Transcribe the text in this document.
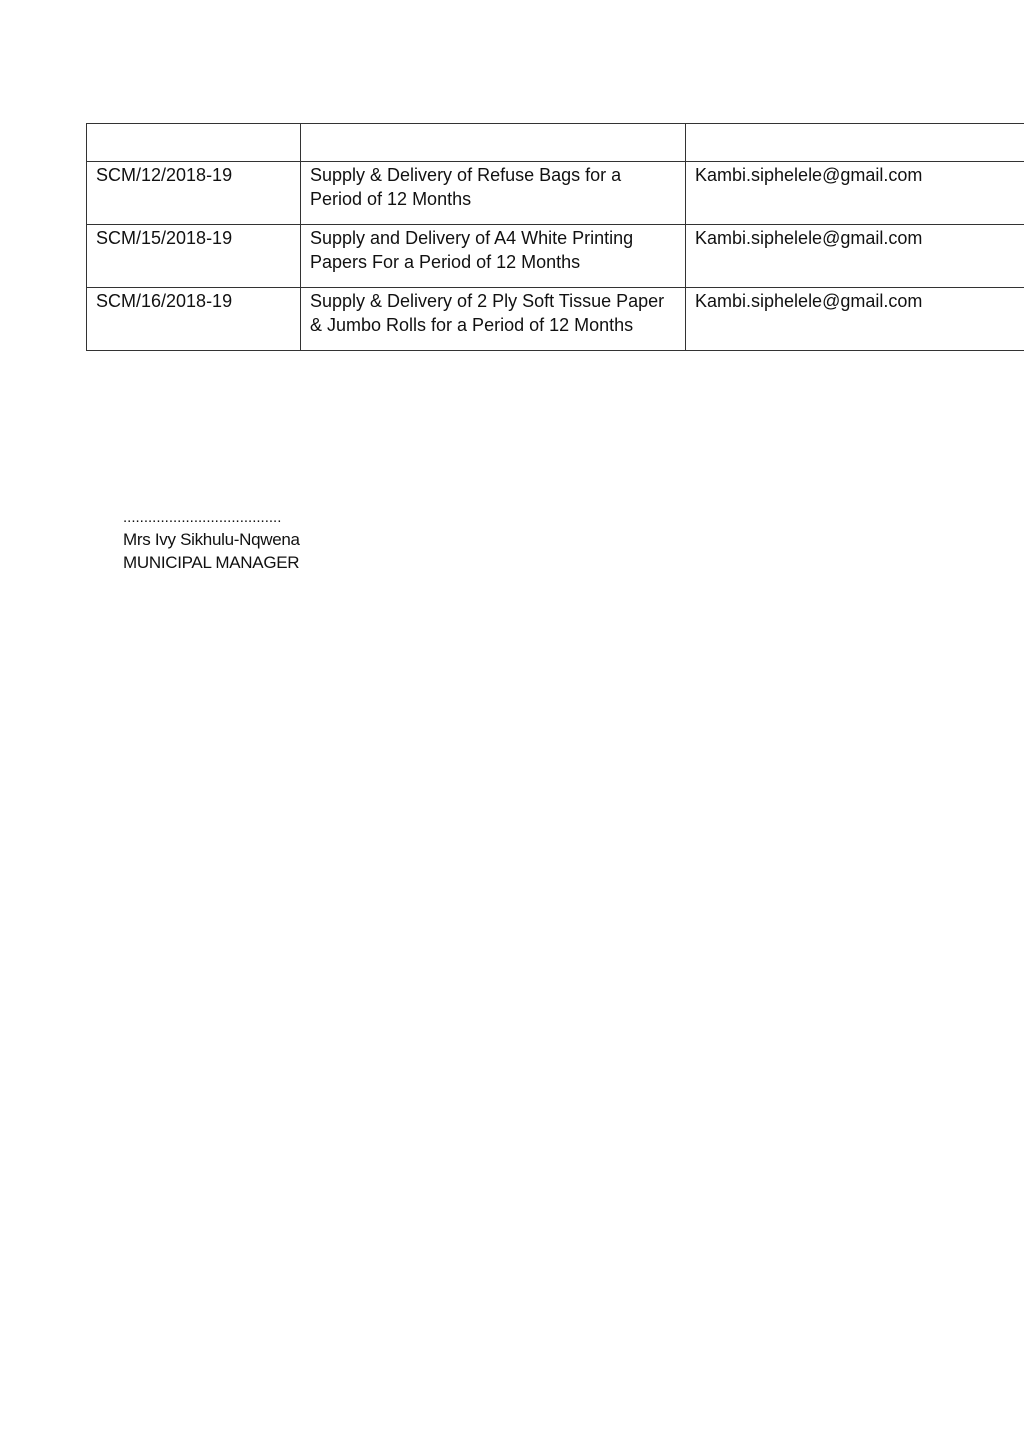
SCM/12/2018-19	Supply & Delivery of Refuse Bags for a Period of 12 Months	Kambi.siphelele@gmail.com
SCM/15/2018-19	Supply and Delivery of A4 White Printing Papers For a Period of 12 Months	Kambi.siphelele@gmail.com
SCM/16/2018-19	Supply & Delivery of 2 Ply Soft Tissue Paper & Jumbo Rolls for a Period of 12 Months	Kambi.siphelele@gmail.com
......................................
Mrs Ivy Sikhulu-Nqwena
MUNICIPAL MANAGER
